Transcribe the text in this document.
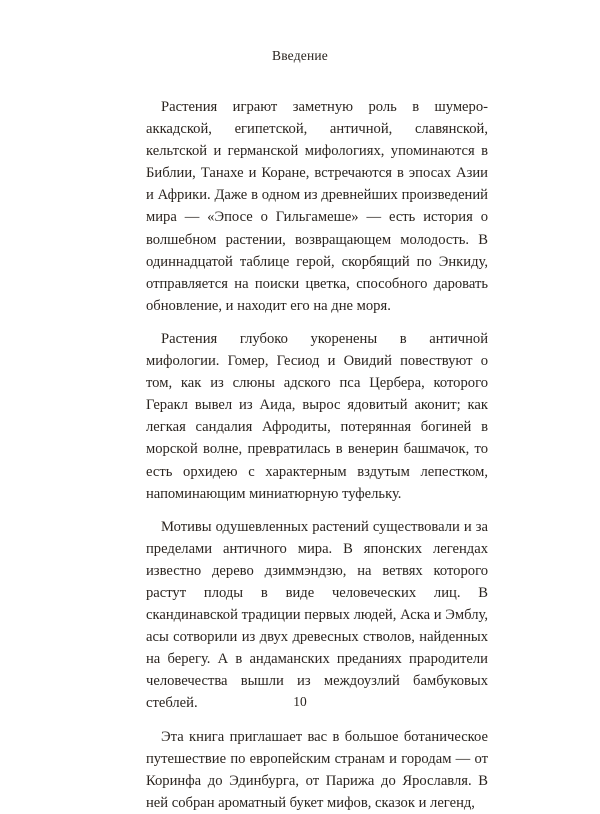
Введение

Растения играют заметную роль в шумеро-аккадской, египетской, античной, славянской, кельтской и германской мифологиях, упоминаются в Библии, Танахе и Коране, встречаются в эпосах Азии и Африки. Даже в одном из древнейших произведений мира — «Эпосе о Гильгамеше» — есть история о волшебном растении, возвращающем молодость. В одиннадцатой таблице герой, скорбящий по Энкиду, отправляется на поиски цветка, способного даровать обновление, и находит его на дне моря.

Растения глубоко укоренены в античной мифологии. Гомер, Гесиод и Овидий повествуют о том, как из слюны адского пса Цербера, которого Геракл вывел из Аида, вырос ядовитый аконит; как легкая сандалия Афродиты, потерянная богиней в морской волне, превратилась в венерин башмачок, то есть орхидею с характерным вздутым лепестком, напоминающим миниатюрную туфельку.

Мотивы одушевленных растений существовали и за пределами античного мира. В японских легендах известно дерево дзиммэндзю, на ветвях которого растут плоды в виде человеческих лиц. В скандинавской традиции первых людей, Аска и Эмблу, асы сотворили из двух древесных стволов, найденных на берегу. А в андаманских преданиях прародители человечества вышли из междоузлий бамбуковых стеблей.

Эта книга приглашает вас в большое ботаническое путешествие по европейским странам и городам — от Коринфа до Эдинбурга, от Парижа до Ярославля. В ней собран ароматный букет мифов, сказок и легенд,

10
